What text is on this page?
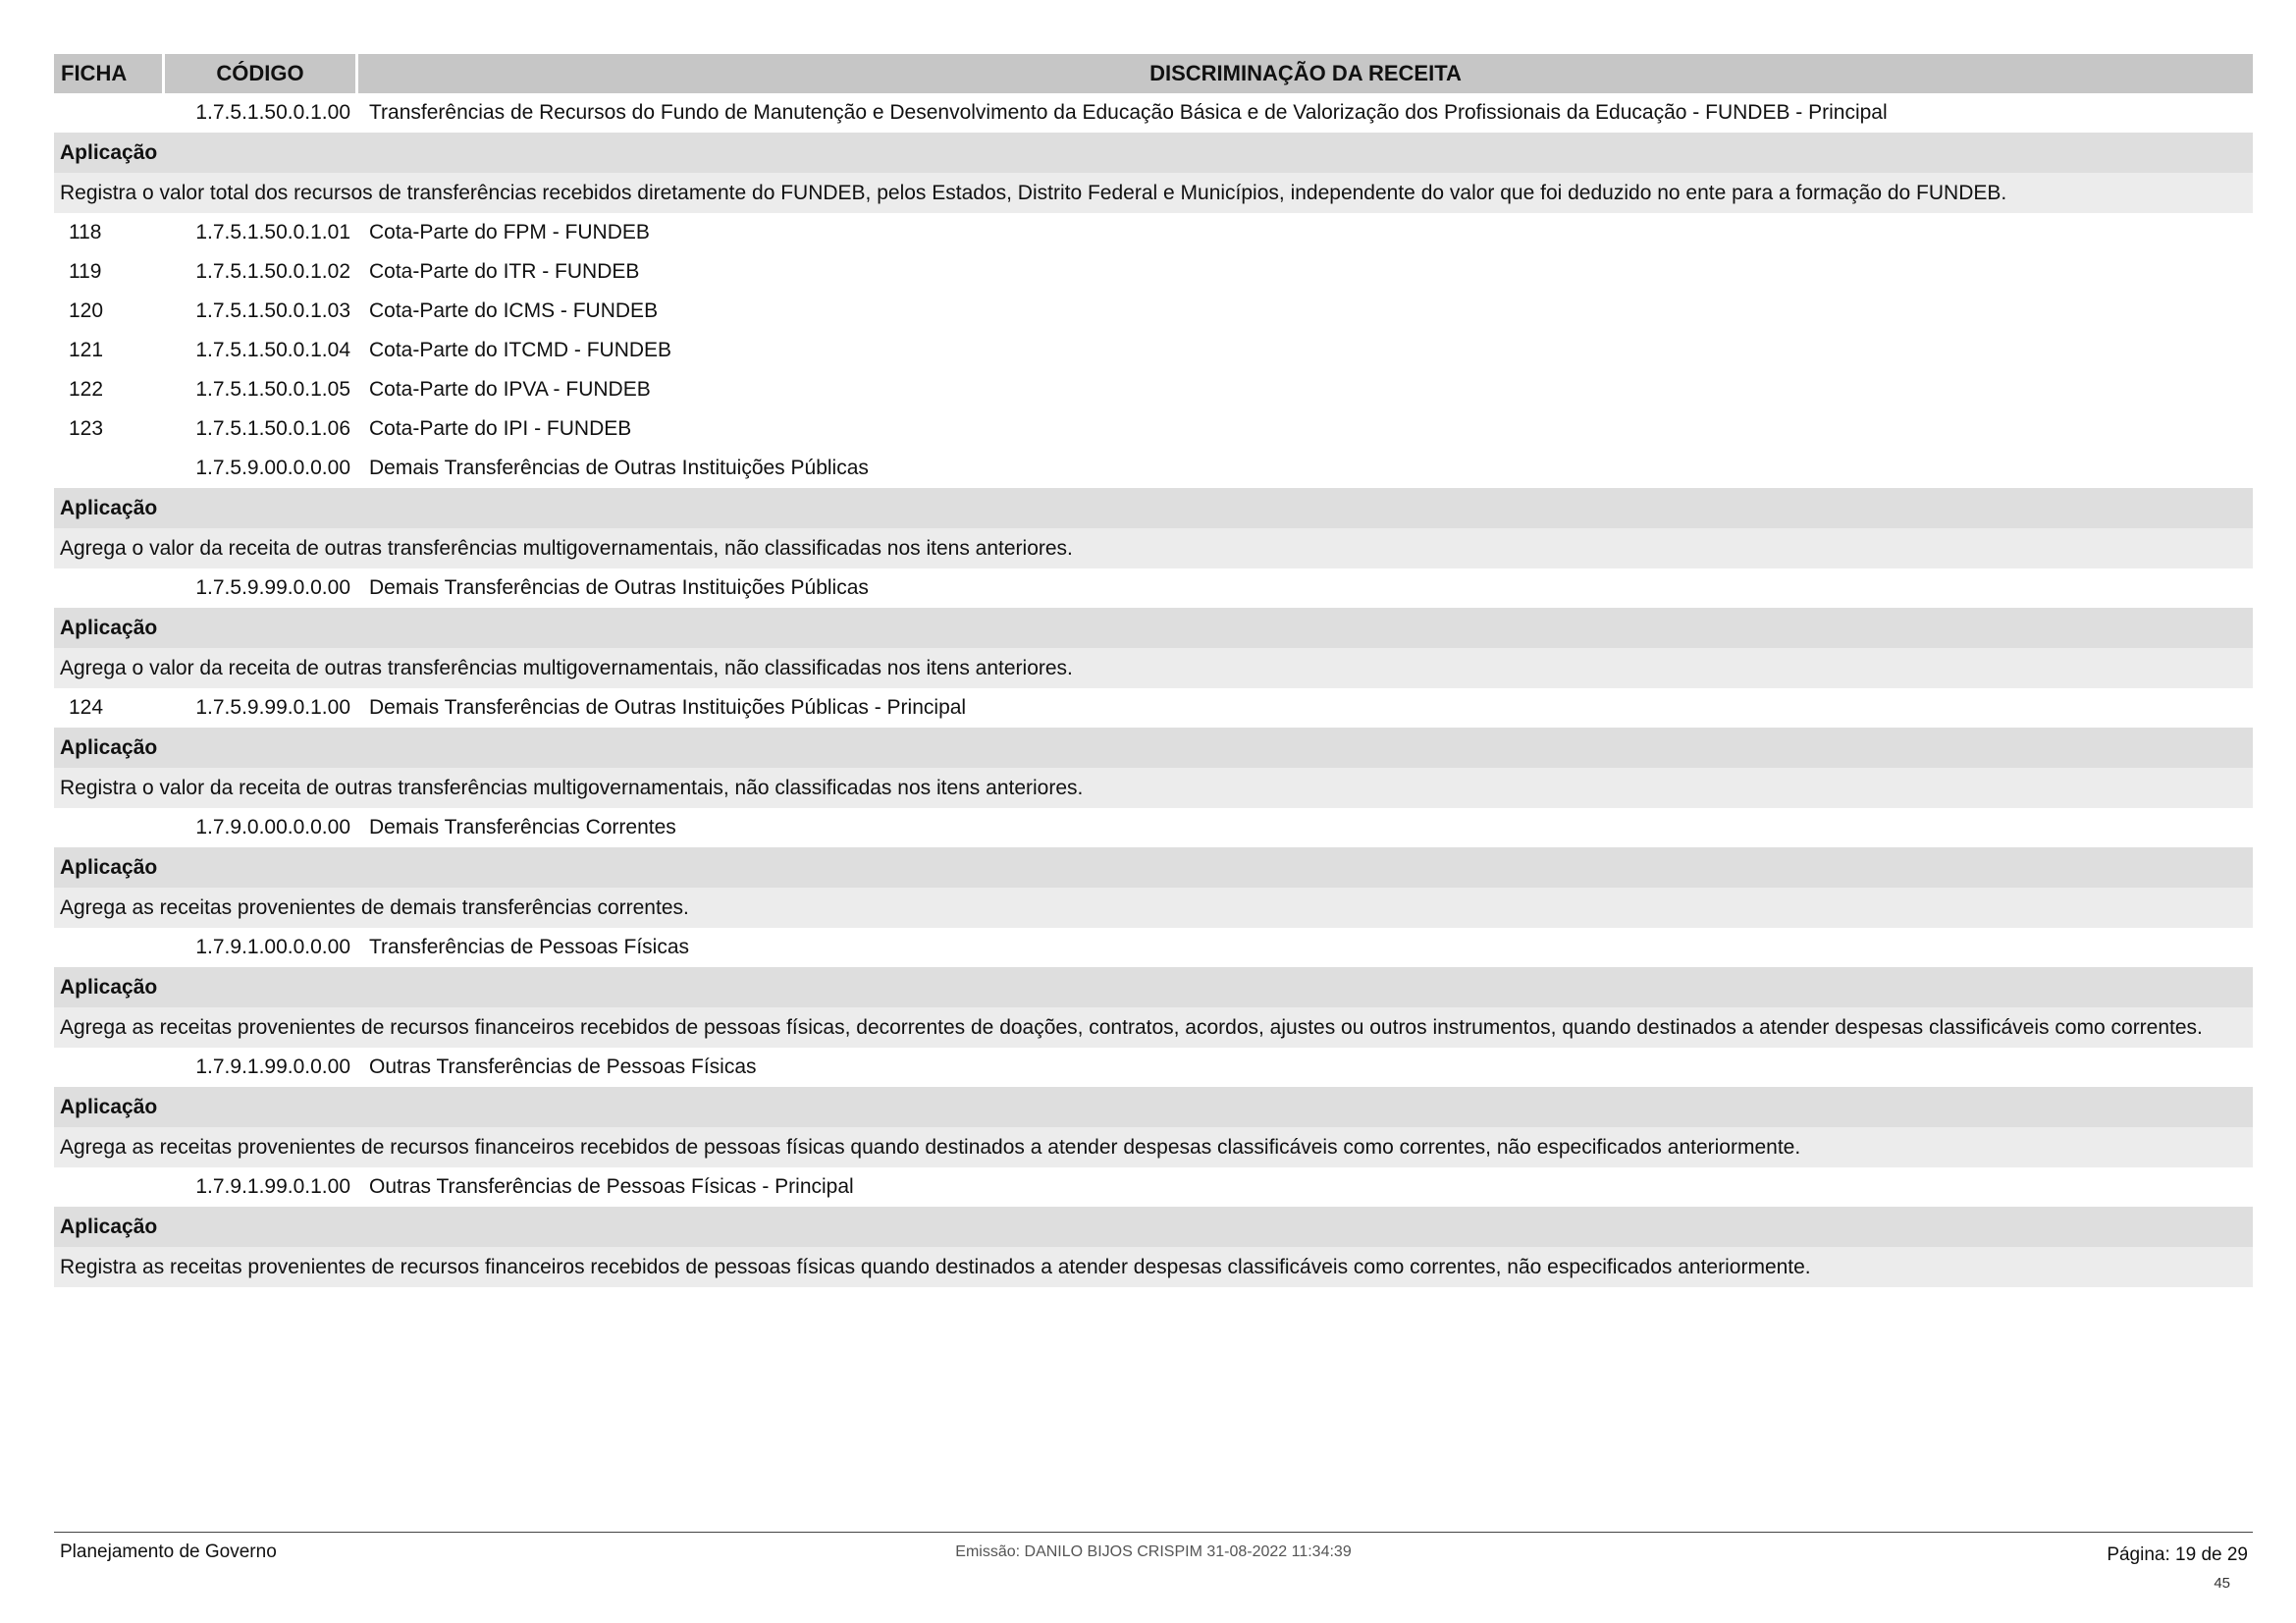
FICHA	CÓDIGO	DISCRIMINAÇÃO DA RECEITA
1.7.5.1.50.0.1.00 Transferências de Recursos do Fundo de Manutenção e Desenvolvimento da Educação Básica e de Valorização dos Profissionais da Educação - FUNDEB - Principal
Aplicação
Registra o valor total dos recursos de transferências recebidos diretamente do FUNDEB, pelos Estados, Distrito Federal e Municípios, independente do valor que foi deduzido no ente para a formação do FUNDEB.
118	1.7.5.1.50.0.1.01 Cota-Parte do FPM - FUNDEB
119	1.7.5.1.50.0.1.02 Cota-Parte do ITR - FUNDEB
120	1.7.5.1.50.0.1.03 Cota-Parte do ICMS - FUNDEB
121	1.7.5.1.50.0.1.04 Cota-Parte do ITCMD - FUNDEB
122	1.7.5.1.50.0.1.05 Cota-Parte do IPVA - FUNDEB
123	1.7.5.1.50.0.1.06 Cota-Parte do IPI - FUNDEB
1.7.5.9.00.0.0.00 Demais Transferências de Outras Instituições Públicas
Aplicação
Agrega o valor da receita de outras transferências multigovernamentais, não classificadas nos itens anteriores.
1.7.5.9.99.0.0.00 Demais Transferências de Outras Instituições Públicas
Aplicação
Agrega o valor da receita de outras transferências multigovernamentais, não classificadas nos itens anteriores.
124	1.7.5.9.99.0.1.00 Demais Transferências de Outras Instituições Públicas - Principal
Aplicação
Registra o valor da receita de outras transferências multigovernamentais, não classificadas nos itens anteriores.
1.7.9.0.00.0.0.00 Demais Transferências Correntes
Aplicação
Agrega as receitas provenientes de demais transferências correntes.
1.7.9.1.00.0.0.00 Transferências de Pessoas Físicas
Aplicação
Agrega as receitas provenientes de recursos financeiros recebidos de pessoas físicas, decorrentes de doações, contratos, acordos, ajustes ou outros instrumentos, quando destinados a atender despesas classificáveis como correntes.
1.7.9.1.99.0.0.00 Outras Transferências de Pessoas Físicas
Aplicação
Agrega as receitas provenientes de recursos financeiros recebidos de pessoas físicas quando destinados a atender despesas classificáveis como correntes, não especificados anteriormente.
1.7.9.1.99.0.1.00 Outras Transferências de Pessoas Físicas - Principal
Aplicação
Registra as receitas provenientes de recursos financeiros recebidos de pessoas físicas quando destinados a atender despesas classificáveis como correntes, não especificados anteriormente.
Planejamento de Governo	Emissão: DANILO BIJOS CRISPIM 31-08-2022 11:34:39	Página: 19 de 29
45
